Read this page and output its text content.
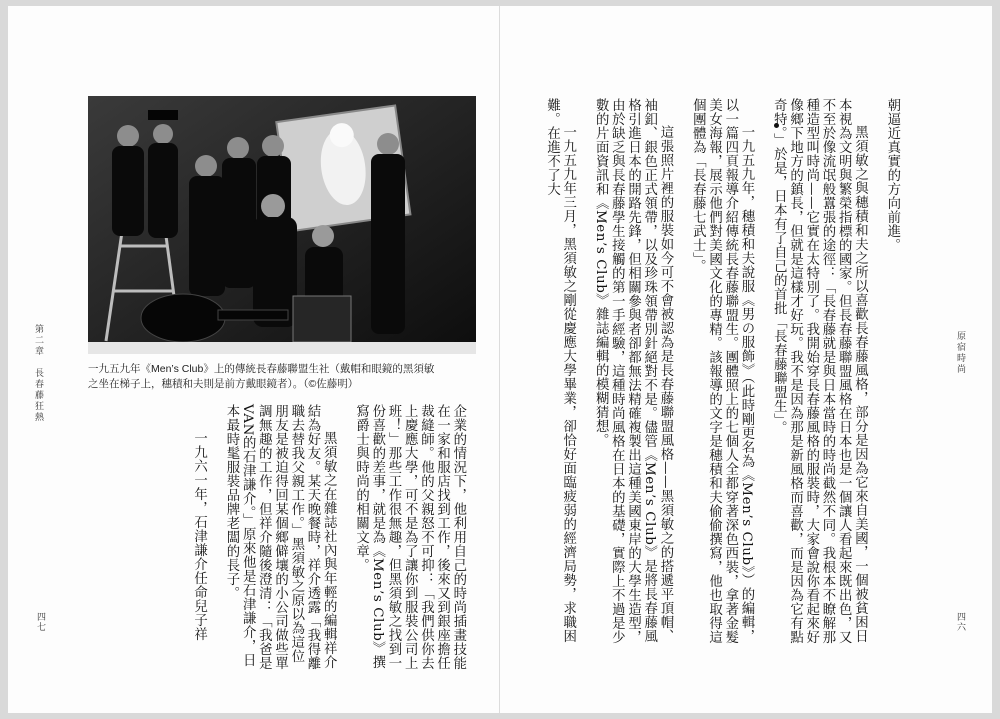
第二章　長春藤狂熱	一九五九年《Men’s Club》上的傳統長春藤聯盟生社（戴帽和眼鏡的黑須敏
之坐在梯子上，穗積和夫則是前方戴眼鏡者）。（©佐藤明）

企業的情況下，他利用自己的時尚插畫技能在一家和服店找到工作，後來又到銀座擔任裁縫師。他的父親怒不可抑：「我們供你去上慶應大學，可不是為了讓你到服裝公司上班！」那些工作很無趣，但黑須敏之找到一份喜歡的差事，就是為《Men’s Club》撰寫爵士與時尚的相關文章。

黑須敏之在雜誌社內與年輕的編輯祥介結為好友。某天晚餐時，祥介透露「我得離職去替我父親工作。」黑須敏之原以為這位朋友是被迫得回某個鄉僻壤的小公司做些單調無趣的工作，但祥介隨後澄清：「我爸是VAN的石津謙介。」原來他是石津謙介，日本最時髦服裝品牌老闆的長子。

一九六一年，石津謙介任命兒子祥

四七

朝逼近真實的方向前進。

黑須敏之與穗積和夫之所以喜歡長春藤風格，部分是因為它來自美國，一個被貧困日本視為文明與繁榮指標的國家。但長春藤聯盟風格在日本也是一個讓人看起來既出色，又不至於像流氓般囂張的途徑：「長春藤就是與日本當時的時尚截然不同。我根本不瞭解那種造型叫時尚——它實在太特別了。我開始穿長春藤風格的服裝時，大家會說你看起來好像鄉下地方的鎮長，但就是這樣才好玩。我不是因為那是新風格而喜歡，而是因為它有點奇特。」於是，日本有了自己的首批「長春藤聯盟生」。

一九五九年，穗積和夫說服《男の服飾》（此時剛更名為《Men’s Club》）的編輯，以一篇四頁報導介紹傳統長春藤聯盟生。團體照上的七個人全都穿著深色西裝，拿著金髮美女海報，展示他們對美國文化的專精。該報導的文字是穗積和夫偷偷撰寫，他也取得這個團體為「長春藤七武士」。

這張照片裡的服裝如今可不會被認為是長春藤聯盟風格——黑須敏之的搭遞平頂帽、袖釦、銀色正式領帶，以及珍珠領帶別針絕對不是。儘管《Men’s Club》是將長春藤風格引進日本的開路先鋒，但相關參與者卻都無法精確複製出這種美國東岸的大學生造型，由於缺乏與長春藤學生接觸的第一手經驗，這種時尚風格在日本的基礎，實際上不過是少數的片面資訊和《Men’s Club》雜誌編輯的模糊猜想。

一九五九年三月，黑須敏之剛從慶應大學畢業，卻恰好面臨疲弱的經濟局勢，求職困難。在進不了大

原宿時尚
四六
